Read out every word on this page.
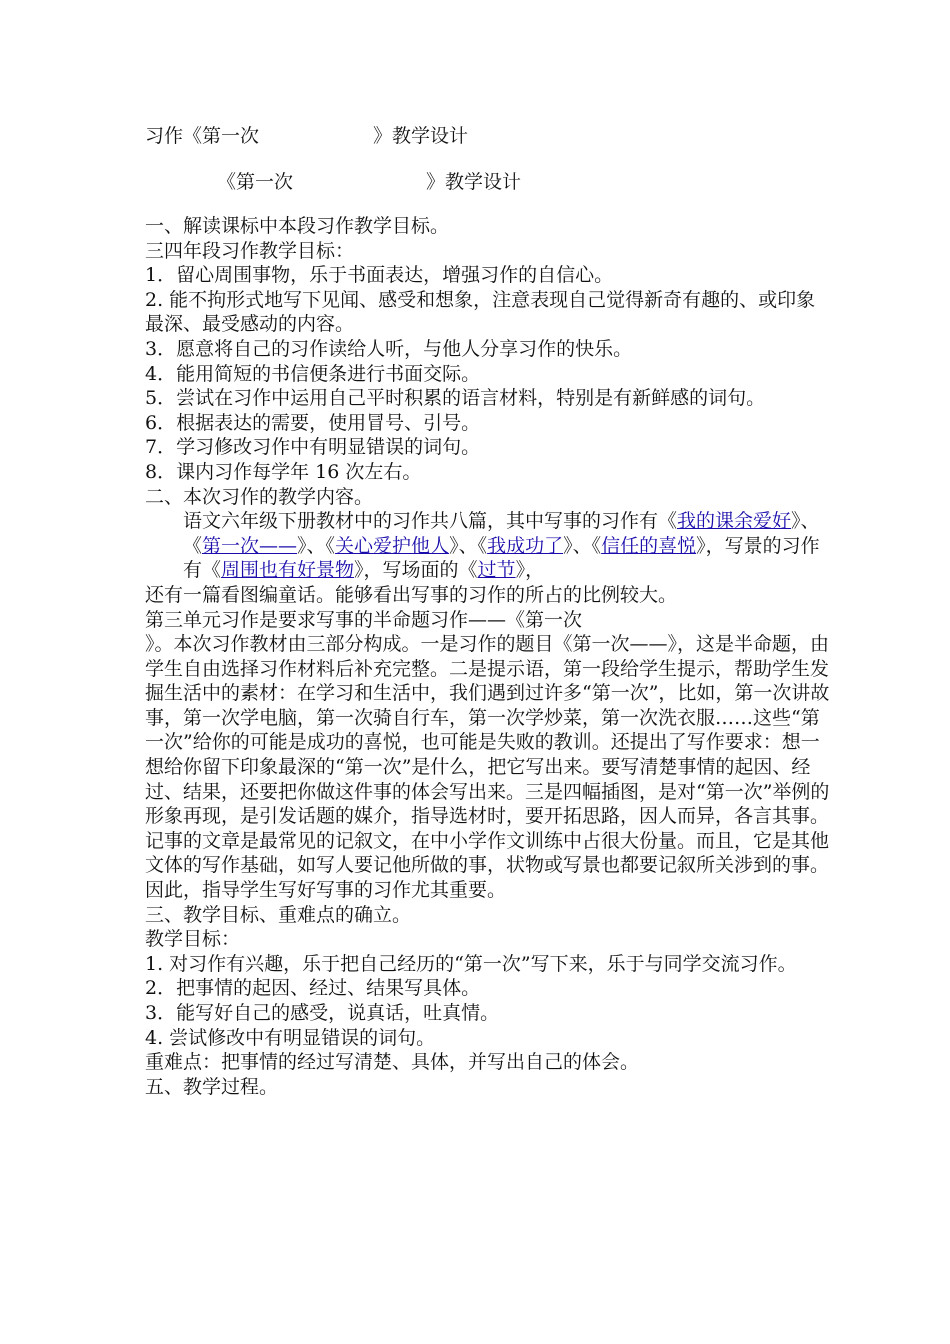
习作《第一次　　　　　　》教学设计
《第一次　　　　　　　》教学设计
一、解读课标中本段习作教学目标。
三四年段习作教学目标：
1．留心周围事物，乐于书面表达，增强习作的自信心。
2. 能不拘形式地写下见闻、感受和想象，注意表现自己觉得新奇有趣的、或印象最深、最受感动的内容。
3．愿意将自己的习作读给人听，与他人分享习作的快乐。
4．能用简短的书信便条进行书面交际。
5．尝试在习作中运用自己平时积累的语言材料，特别是有新鲜感的词句。
6．根据表达的需要，使用冒号、引号。
7．学习修改习作中有明显错误的词句。
8．课内习作每学年 16 次左右。
二、本次习作的教学内容。
语文六年级下册教材中的习作共八篇，其中写事的习作有《我的课余爱好》、《第一次——》、《关心爱护他人》、《我成功了》、《信任的喜悦》，写景的习作有《周围也有好景物》，写场面的《过节》，
还有一篇看图编童话。能够看出写事的习作的所占的比例较大。
第三单元习作是要求写事的半命题习作——《第一次
》。本次习作教材由三部分构成。一是习作的题目《第一次——》，这是半命题，由学生自由选择习作材料后补充完整。二是提示语，第一段给学生提示，帮助学生发掘生活中的素材：在学习和生活中，我们遇到过许多“第一次”，比如，第一次讲故事，第一次学电脑，第一次骑自行车，第一次学炒菜，第一次洗衣服……这些“第一次”给你的可能是成功的喜悦，也可能是失败的教训。还提出了写作要求：想一想给你留下印象最深的“第一次”是什么，把它写出来。要写清楚事情的起因、经过、结果，还要把你做这件事的体会写出来。三是四幅插图，是对“第一次”举例的形象再现，是引发话题的媒介，指导选材时，要开拓思路，因人而异，各言其事。
记事的文章是最常见的记叙文，在中小学作文训练中占很大份量。而且，它是其他文体的写作基础，如写人要记他所做的事，状物或写景也都要记叙所关涉到的事。因此，指导学生写好写事的习作尤其重要。
三、教学目标、重难点的确立。
教学目标：
1. 对习作有兴趣，乐于把自己经历的“第一次”写下来，乐于与同学交流习作。
2．把事情的起因、经过、结果写具体。
3．能写好自己的感受，说真话，吐真情。
4. 尝试修改中有明显错误的词句。
重难点：把事情的经过写清楚、具体，并写出自己的体会。
五、教学过程。
